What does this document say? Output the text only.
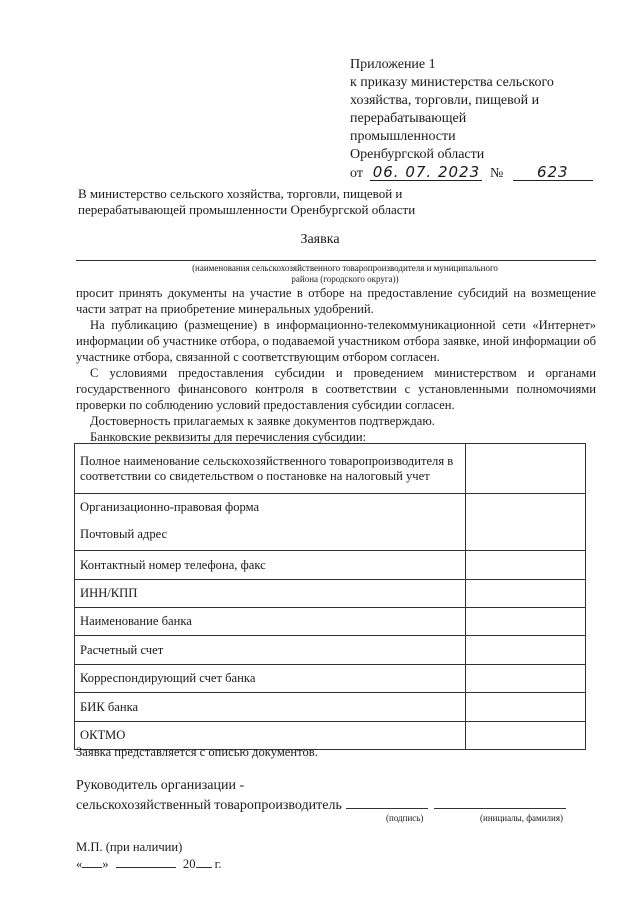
Приложение 1
к приказу министерства сельского
хозяйства, торговли, пищевой и
перерабатывающей
промышленности
Оренбургской области
от 06. 07. 2023 № 623
В министерство сельского хозяйства, торговли, пищевой и
перерабатывающей промышленности Оренбургской области
Заявка
(наименования сельскохозяйственного товаропроизводителя и муниципального
района (городского округа))

просит принять документы на участие в отборе на предоставление субсидий на возмещение части затрат на приобретение минеральных удобрений.

На публикацию (размещение) в информационно-телекоммуникационной сети «Интернет» информации об участнике отбора, о подаваемой участником отбора заявке, иной информации об участнике отбора, связанной с соответствующим отбором согласен.

С условиями предоставления субсидии и проведением министерством и органами государственного финансового контроля в соответствии с установленными полномочиями проверки по соблюдению условий предоставления субсидии согласен.

Достоверность прилагаемых к заявке документов подтверждаю.

Банковские реквизиты для перечисления субсидии:

Полное наименование сельскохозяйственного товаропроизводителя в соответствии со свидетельством о постановке на налоговый учет	

Организационно-правовая форма
Почтовый адрес	

Контактный номер телефона, факс	
ИНН/КПП	
Наименование банка	
Расчетный счет	
Корреспондирующий счет банка	
БИК банка	
ОКТМО	
Заявка представляется с описью документов.
Руководитель организации -
сельскохозяйственный товаропроизводитель
(подпись)	(инициалы, фамилия)
М.П. (при наличии)
« »	20 г.
